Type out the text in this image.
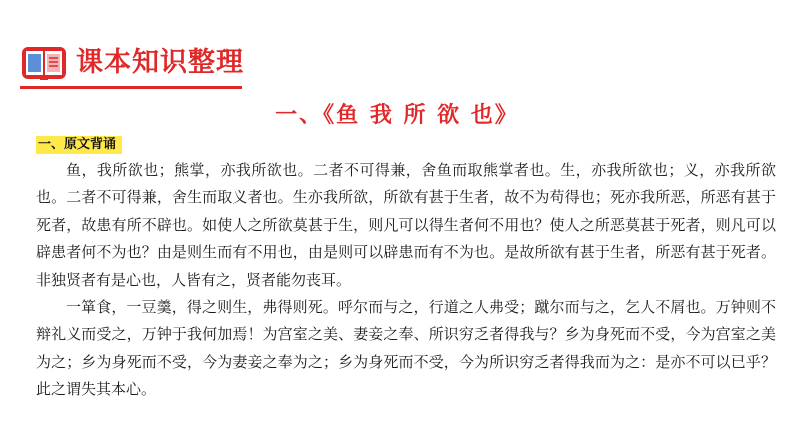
课本知识整理
一、《鱼 我 所 欲 也》
一、原文背诵

鱼，我所欲也；熊掌，亦我所欲也。二者不可得兼，舍鱼而取熊掌者也。生，亦我所欲也；义，亦我所欲也。二者不可得兼，舍生而取义者也。生亦我所欲，所欲有甚于生者，故不为苟得也；死亦我所恶，所恶有甚于死者，故患有所不辟也。如使人之所欲莫甚于生，则凡可以得生者何不用也？使人之所恶莫甚于死者，则凡可以辟患者何不为也？由是则生而有不用也，由是则可以辟患而有不为也。是故所欲有甚于生者，所恶有甚于死者。非独贤者有是心也，人皆有之，贤者能勿丧耳。

一箪食，一豆羹，得之则生，弗得则死。呼尔而与之，行道之人弗受；蹴尔而与之，乞人不屑也。万钟则不辩礼义而受之，万钟于我何加焉！为宫室之美、妻妾之奉、所识穷乏者得我与？乡为身死而不受，今为宫室之美为之；乡为身死而不受，今为妻妾之奉为之；乡为身死而不受，今为所识穷乏者得我而为之：是亦不可以已乎？此之谓失其本心。
